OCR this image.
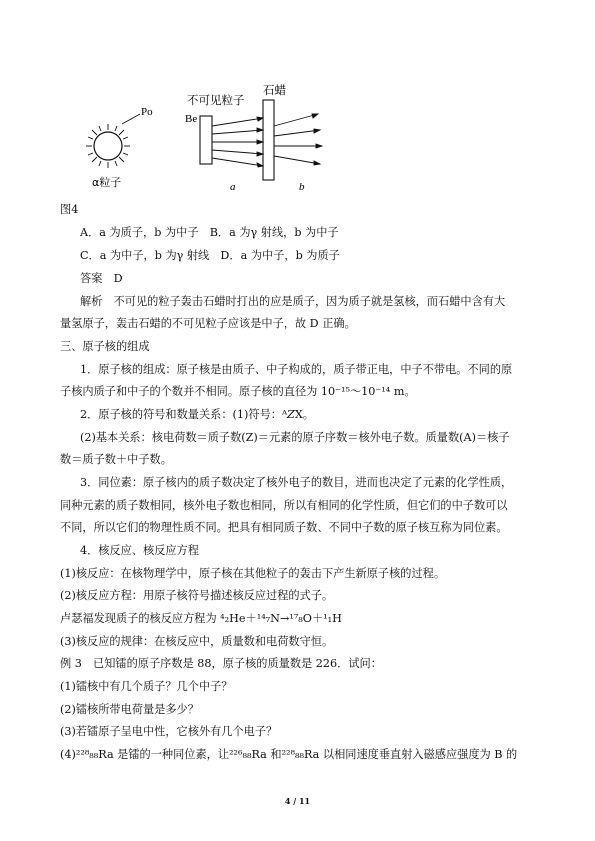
Po
α粒子
不可见粒子
石蜡
Be
a	b
图4
A．a 为质子，b 为中子　B．a 为γ 射线，b 为中子
C．a 为中子，b 为γ 射线　D．a 为中子，b 为质子
答案　D
解析　不可见的粒子轰击石蜡时打出的应是质子，因为质子就是氢核，而石蜡中含有大
量氢原子，轰击石蜡的不可见粒子应该是中子，故 D 正确。
三、原子核的组成
1．原子核的组成：原子核是由质子、中子构成的，质子带正电，中子不带电。不同的原
子核内质子和中子的个数并不相同。原子核的直径为 10⁻¹⁵～10⁻¹⁴ m。
2．原子核的符号和数量关系：(1)符号：ᴬ𝑍X。
(2)基本关系：核电荷数＝质子数(Z)＝元素的原子序数＝核外电子数。质量数(A)＝核子
数＝质子数＋中子数。
3．同位素：原子核内的质子数决定了核外电子的数目，进而也决定了元素的化学性质，
同种元素的质子数相同，核外电子数也相同，所以有相同的化学性质，但它们的中子数可以
不同，所以它们的物理性质不同。把具有相同质子数、不同中子数的原子核互称为同位素。
4．核反应、核反应方程
(1)核反应：在核物理学中，原子核在其他粒子的轰击下产生新原子核的过程。
(2)核反应方程：用原子核符号描述核反应过程的式子。
卢瑟福发现质子的核反应方程为 ⁴₂He＋¹⁴₇N→¹⁷₈O＋¹₁H
(3)核反应的规律：在核反应中，质量数和电荷数守恒。
例 3　已知镭的原子序数是 88，原子核的质量数是 226．试问：
(1)镭核中有几个质子？几个中子？
(2)镭核所带电荷量是多少？
(3)若镭原子呈电中性，它核外有几个电子？
(4)²²⁸₈₈Ra 是镭的一种同位素，让²²⁶₈₈Ra 和²²⁸₈₈Ra 以相同速度垂直射入磁感应强度为 B 的
4 / 11
